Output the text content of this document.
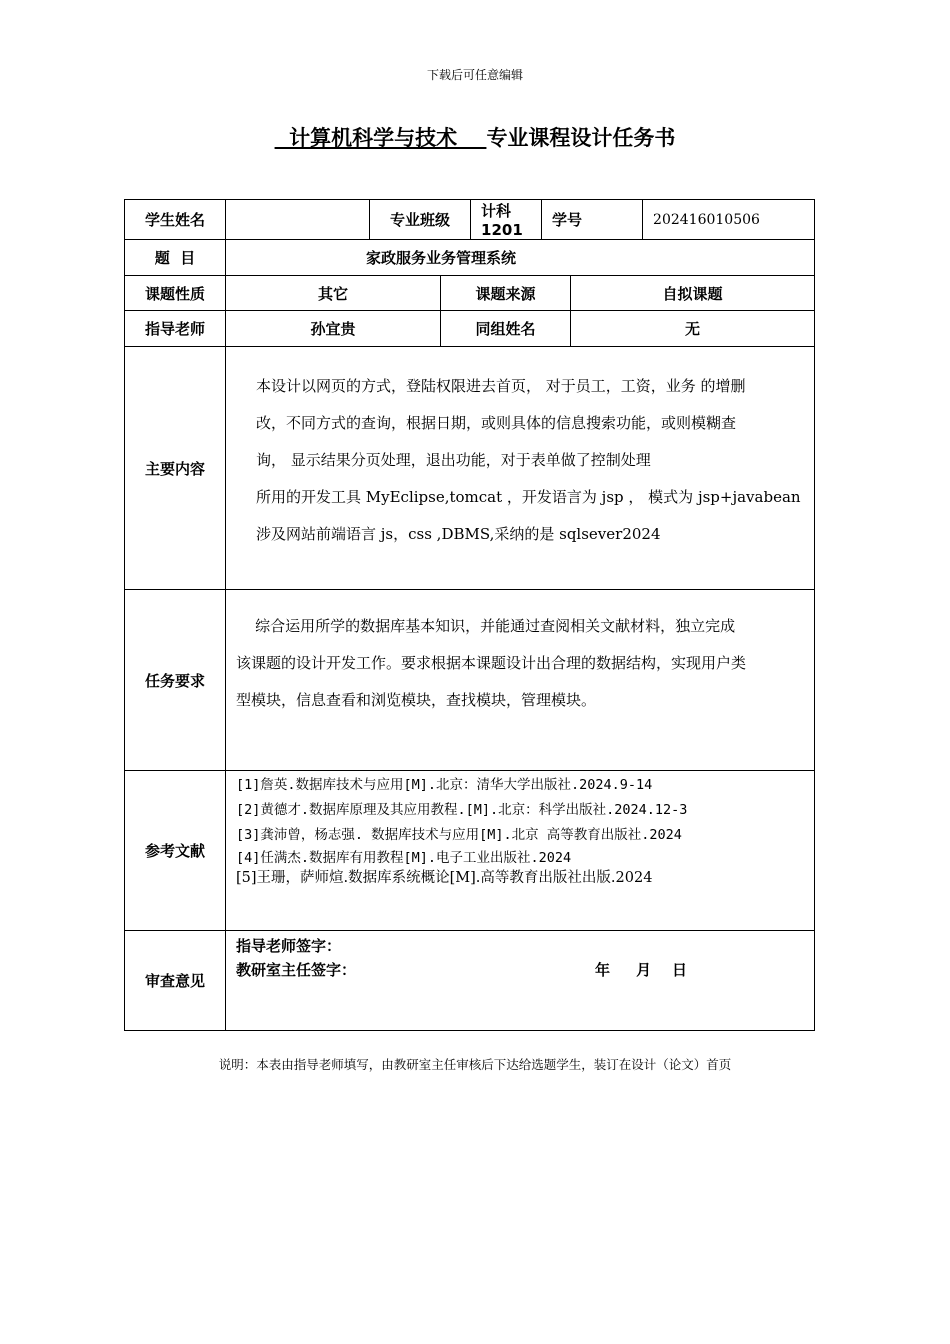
下载后可任意编辑
计算机科学与技术    专业课程设计任务书
学生姓名		专业班级		计科 1201	学号		202416010506
题  目	家政服务业务管理系统						
课题性质	其它		课题来源			自拟课题	
指导老师	孙宜贵		同组姓名			无	
主要内容	本设计以网页的方式，登陆权限进去首页， 对于员工，工资，业务 的增删

改，不同方式的查询，根据日期，或则具体的信息搜索功能，或则模糊查

询， 显示结果分页处理，退出功能，对于表单做了控制处理

所用的开发工具 MyEclipse,tomcat ，开发语言为 jsp ， 模式为 jsp+javabean

涉及网站前端语言 js，css ,DBMS,采纳的是 sqlsever2024						

任务要求	综合运用所学的数据库基本知识，并能通过查阅相关文献材料，独立完成

该课题的设计开发工作。要求根据本课题设计出合理的数据结构，实现用户类

型模块，信息查看和浏览模块，查找模块，管理模块。						

参考文献	[1]詹英.数据库技术与应用[M].北京：清华大学出版社.2024.9-14
[2]黄德才.数据库原理及其应用教程.[M].北京：科学出版社.2024.12-3
[3]龚沛曾，杨志强. 数据库技术与应用[M].北京 高等教育出版社.2024
[4]任满杰.数据库有用教程[M].电子工业出版社.2024
[5]王珊，萨师煊.数据库系统概论[M].高等教育出版社出版.2024						

审查意见	指导老师签字：
教研室主任签字： 年     月    日						
说明：本表由指导老师填写，由教研室主任审核后下达给选题学生，装订在设计（论文）首页
